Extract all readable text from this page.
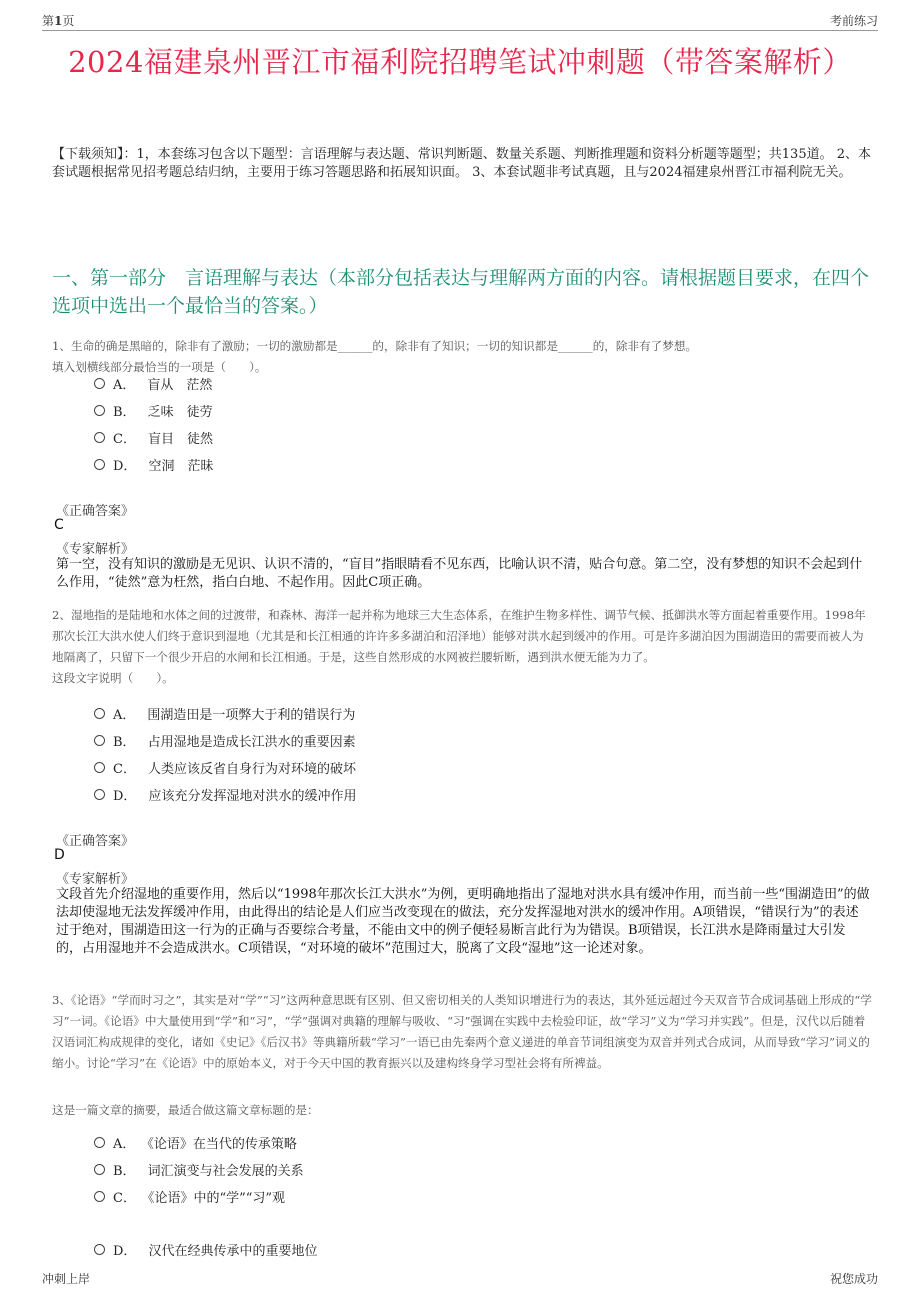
第1页	考前练习
2024福建泉州晋江市福利院招聘笔试冲刺题（带答案解析）
【下载须知】：1，本套练习包含以下题型：言语理解与表达题、常识判断题、数量关系题、判断推理题和资料分析题等题型；共135道。 2、本套试题根据常见招考题总结归纳，主要用于练习答题思路和拓展知识面。 3、本套试题非考试真题，且与2024福建泉州晋江市福利院无关。
一、第一部分　言语理解与表达（本部分包括表达与理解两方面的内容。请根据题目要求，在四个选项中选出一个最恰当的答案。）
1、生命的确是黑暗的，除非有了激励；一切的激励都是______的，除非有了知识；一切的知识都是______的，除非有了梦想。
填入划横线部分最恰当的一项是（　　）。
A． 盲从　茫然
B． 乏味　徒劳
C． 盲目　徒然
D． 空洞　茫昧
《正确答案》
C
《专家解析》
第一空，没有知识的激励是无见识、认识不清的，“盲目”指眼睛看不见东西，比喻认识不清，贴合句意。第二空，没有梦想的知识不会起到什么作用，“徒然”意为枉然，指白白地、不起作用。因此C项正确。
2、湿地指的是陆地和水体之间的过渡带，和森林、海洋一起并称为地球三大生态体系，在维护生物多样性、调节气候、抵御洪水等方面起着重要作用。1998年那次长江大洪水使人们终于意识到湿地（尤其是和长江相通的许许多多湖泊和沼泽地）能够对洪水起到缓冲的作用。可是许多湖泊因为围湖造田的需要而被人为地隔离了，只留下一个很少开启的水闸和长江相通。于是，这些自然形成的水网被拦腰斩断，遇到洪水便无能为力了。
这段文字说明（　　）。
A． 围湖造田是一项弊大于利的错误行为
B． 占用湿地是造成长江洪水的重要因素
C． 人类应该反省自身行为对环境的破坏
D． 应该充分发挥湿地对洪水的缓冲作用
《正确答案》
D
《专家解析》
文段首先介绍湿地的重要作用，然后以“1998年那次长江大洪水”为例，更明确地指出了湿地对洪水具有缓冲作用，而当前一些“围湖造田”的做法却使湿地无法发挥缓冲作用，由此得出的结论是人们应当改变现在的做法，充分发挥湿地对洪水的缓冲作用。A项错误，“错误行为”的表述过于绝对，围湖造田这一行为的正确与否要综合考量，不能由文中的例子便轻易断言此行为为错误。B项错误，长江洪水是降雨量过大引发的，占用湿地并不会造成洪水。C项错误，“对环境的破坏”范围过大，脱离了文段“湿地”这一论述对象。
3、《论语》“学而时习之”，其实是对“学”“习”这两种意思既有区别、但又密切相关的人类知识增进行为的表达，其外延远超过今天双音节合成词基础上形成的“学习”一词。《论语》中大量使用到“学”和“习”，“学”强调对典籍的理解与吸收、“习”强调在实践中去检验印证，故“学习”义为“学习并实践”。但是，汉代以后随着汉语词汇构成规律的变化，诸如《史记》《后汉书》等典籍所载“学习”一语已由先秦两个意义递进的单音节词组演变为双音并列式合成词，从而导致“学习”词义的缩小。讨论“学习”在《论语》中的原始本义，对于今天中国的教育振兴以及建构终身学习型社会将有所裨益。
这是一篇文章的摘要，最适合做这篇文章标题的是：
A． 《论语》在当代的传承策略
B． 词汇演变与社会发展的关系
C． 《论语》中的“学”“习”观
D． 汉代在经典传承中的重要地位
冲刺上岸	祝您成功
